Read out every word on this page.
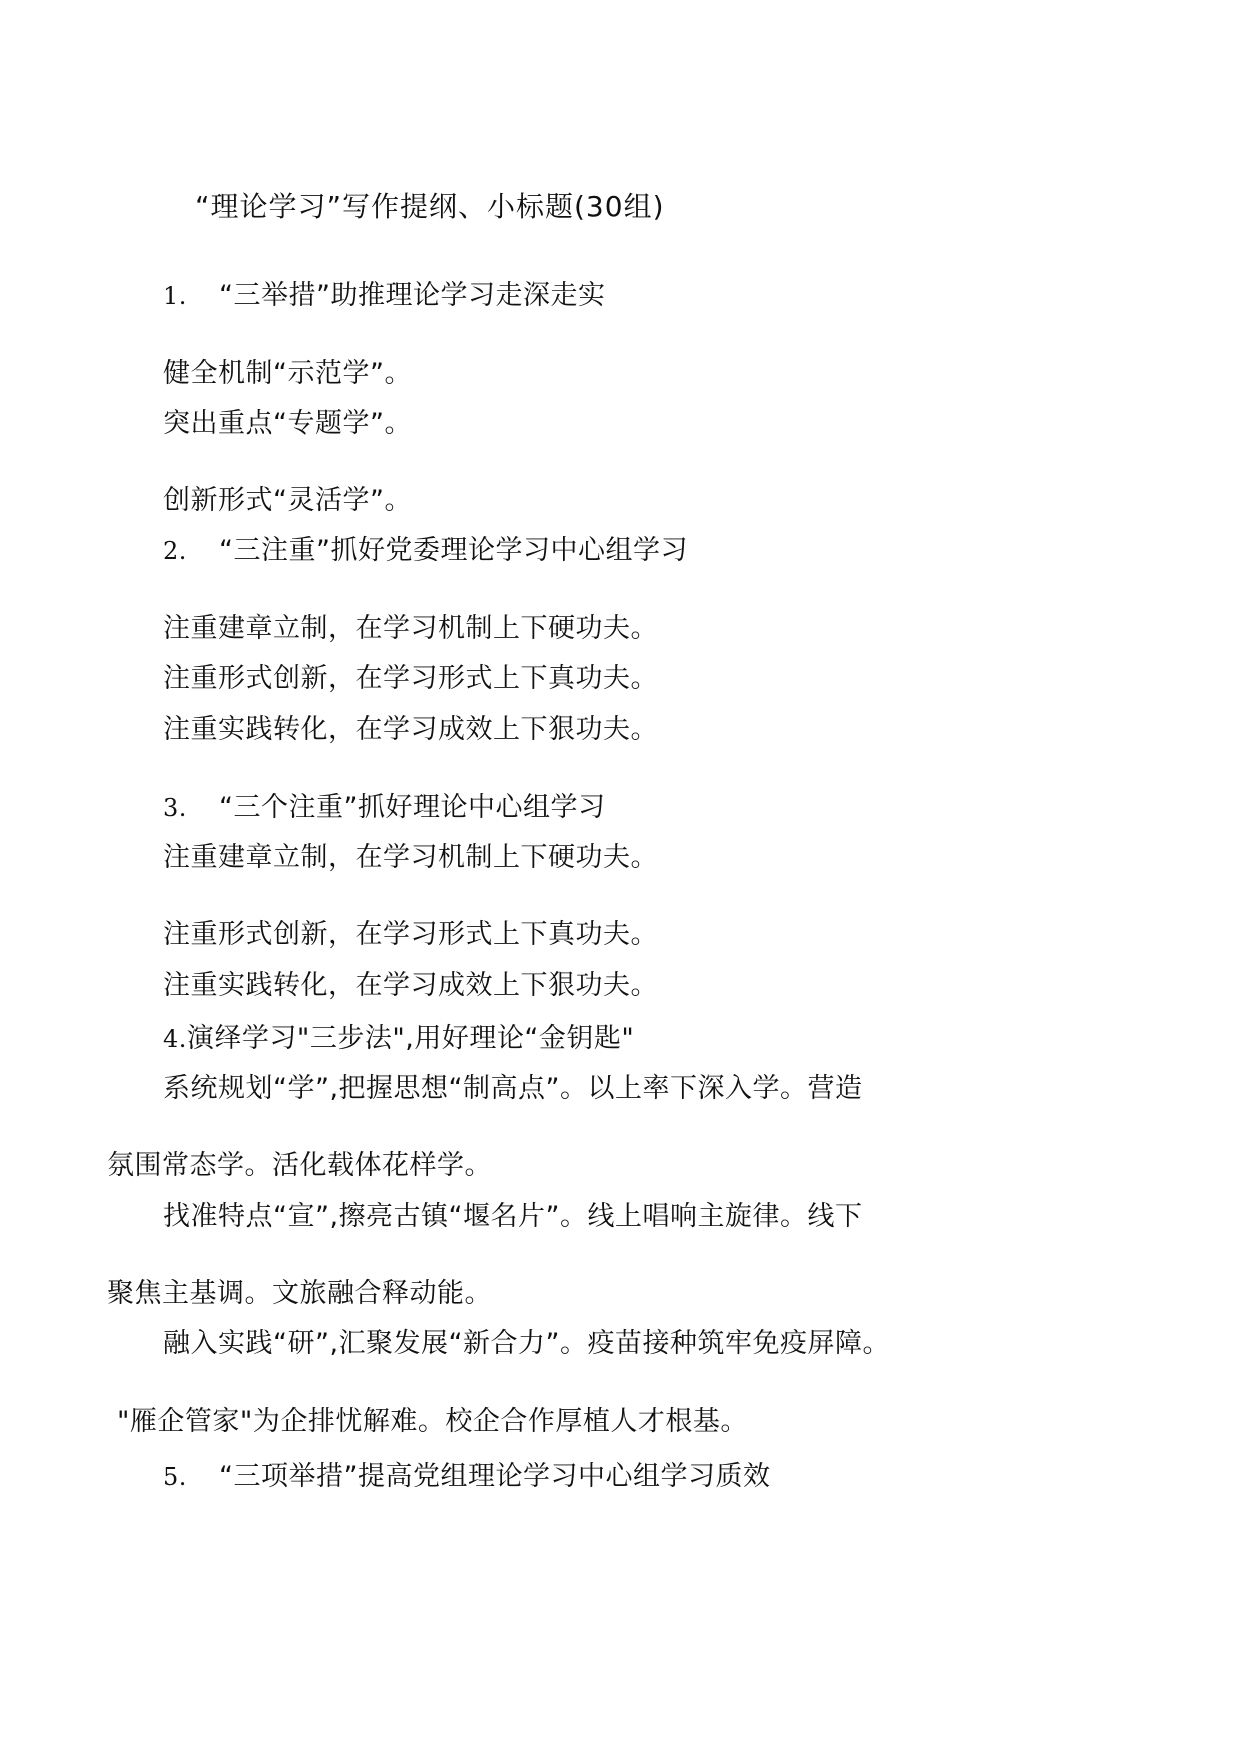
“理论学习”写作提纲、小标题(30组)
1. “三举措”助推理论学习走深走实
健全机制“示范学”。
突出重点“专题学”。
创新形式“灵活学”。
2. “三注重”抓好党委理论学习中心组学习
注重建章立制，在学习机制上下硬功夫。
注重形式创新，在学习形式上下真功夫。
注重实践转化，在学习成效上下狠功夫。
3. “三个注重”抓好理论中心组学习
注重建章立制，在学习机制上下硬功夫。
注重形式创新，在学习形式上下真功夫。
注重实践转化，在学习成效上下狠功夫。
4.演绎学习"三步法",用好理论“金钥匙"
系统规划“学”,把握思想“制高点”。以上率下深入学。营造
氛围常态学。活化载体花样学。
找准特点“宣”,擦亮古镇“堰名片”。线上唱响主旋律。线下
聚焦主基调。文旅融合释动能。
融入实践“研”,汇聚发展“新合力”。疫苗接种筑牢免疫屏障。
"雁企管家"为企排忧解难。校企合作厚植人才根基。
5. “三项举措”提高党组理论学习中心组学习质效
